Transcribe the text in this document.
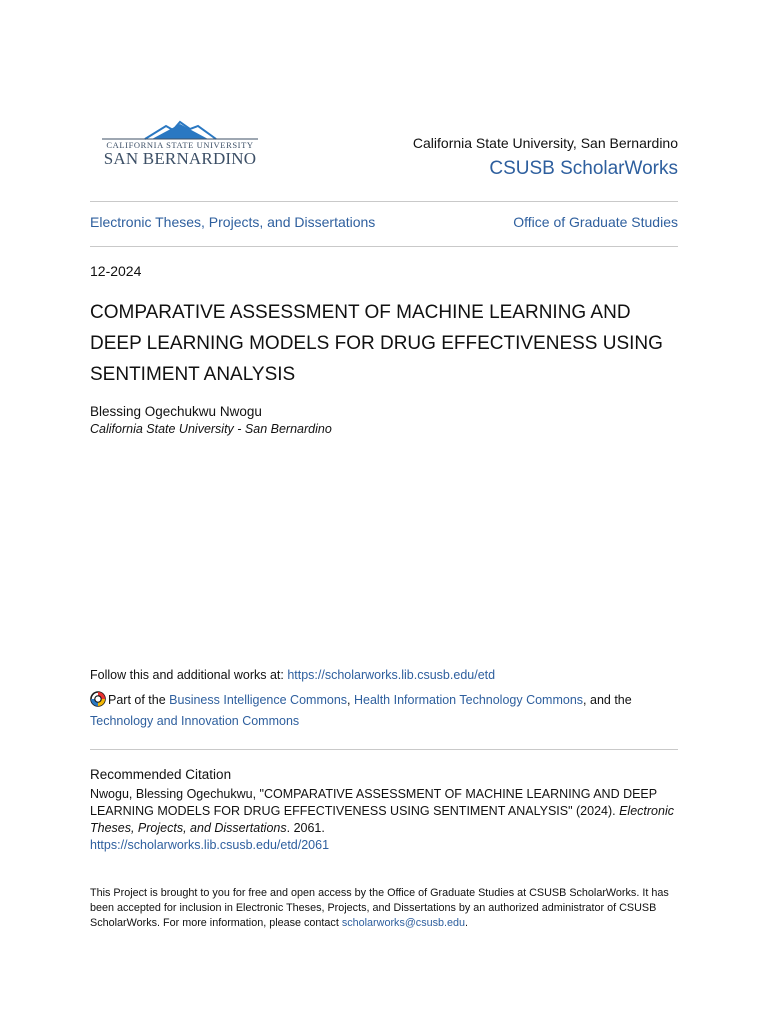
CALIFORNIA STATE UNIVERSITY
SAN BERNARDINO
California State University, San Bernardino
CSUSB ScholarWorks
Electronic Theses, Projects, and Dissertations	Office of Graduate Studies
12-2024
COMPARATIVE ASSESSMENT OF MACHINE LEARNING AND DEEP LEARNING MODELS FOR DRUG EFFECTIVENESS USING SENTIMENT ANALYSIS
Blessing Ogechukwu Nwogu
California State University - San Bernardino
Follow this and additional works at: https://scholarworks.lib.csusb.edu/etd
Part of the Business Intelligence Commons, Health Information Technology Commons, and the
Technology and Innovation Commons
Recommended Citation
Nwogu, Blessing Ogechukwu, "COMPARATIVE ASSESSMENT OF MACHINE LEARNING AND DEEP LEARNING MODELS FOR DRUG EFFECTIVENESS USING SENTIMENT ANALYSIS" (2024). Electronic Theses, Projects, and Dissertations. 2061.
https://scholarworks.lib.csusb.edu/etd/2061
This Project is brought to you for free and open access by the Office of Graduate Studies at CSUSB ScholarWorks. It has been accepted for inclusion in Electronic Theses, Projects, and Dissertations by an authorized administrator of CSUSB ScholarWorks. For more information, please contact scholarworks@csusb.edu.
